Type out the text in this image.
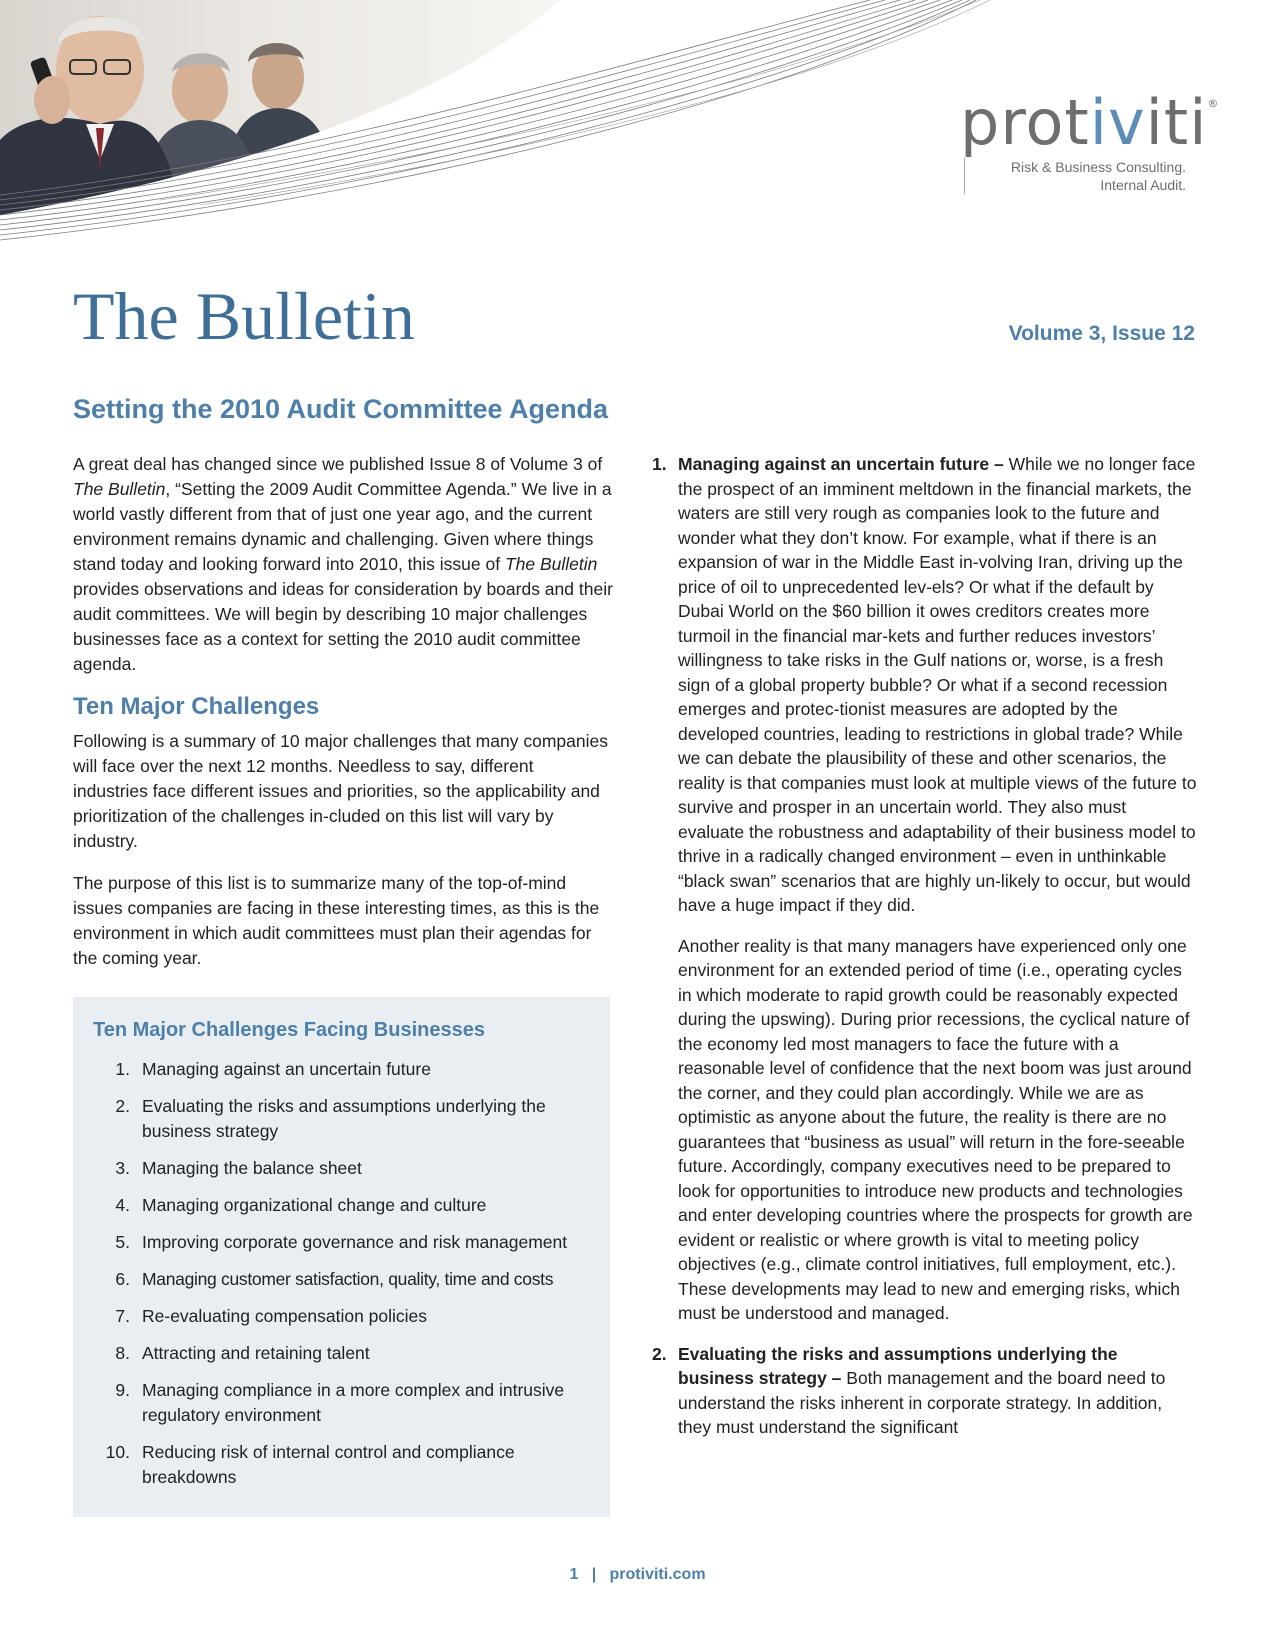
protiviti®
Risk & Business Consulting.
Internal Audit.
The Bulletin	Volume 3, Issue 12
Setting the 2010 Audit Committee Agenda

A great deal has changed since we published Issue 8 of Volume 3 of The Bulletin, “Setting the 2009 Audit Committee Agenda.” We live in a world vastly different from that of just one year ago, and the current environment remains dynamic and challenging. Given where things stand today and looking forward into 2010, this issue of The Bulletin provides observations and ideas for consideration by boards and their audit committees. We will begin by describing 10 major challenges businesses face as a context for setting the 2010 audit committee agenda.

Ten Major Challenges

Following is a summary of 10 major challenges that many companies will face over the next 12 months. Needless to say, different industries face different issues and priorities, so the applicability and prioritization of the challenges in-cluded on this list will vary by industry.

The purpose of this list is to summarize many of the top-of-mind issues companies are facing in these interesting times, as this is the environment in which audit committees must plan their agendas for the coming year.

Ten Major Challenges Facing Businesses
1. Managing against an uncertain future
2. Evaluating the risks and assumptions underlying the business strategy
3. Managing the balance sheet
4. Managing organizational change and culture
5. Improving corporate governance and risk management
6. Managing customer satisfaction, quality, time and costs
7. Re-evaluating compensation policies
8. Attracting and retaining talent
9. Managing compliance in a more complex and intrusive regulatory environment
10. Reducing risk of internal control and compliance breakdowns
1. Managing against an uncertain future – While we no longer face the prospect of an imminent meltdown in the financial markets, the waters are still very rough as companies look to the future and wonder what they don’t know. For example, what if there is an expansion of war in the Middle East in-volving Iran, driving up the price of oil to unprecedented lev-els? Or what if the default by Dubai World on the $60 billion it owes creditors creates more turmoil in the financial mar-kets and further reduces investors’ willingness to take risks in the Gulf nations or, worse, is a fresh sign of a global property bubble? Or what if a second recession emerges and protec-tionist measures are adopted by the developed countries, leading to restrictions in global trade? While we can debate the plausibility of these and other scenarios, the reality is that companies must look at multiple views of the future to survive and prosper in an uncertain world. They also must evaluate the robustness and adaptability of their business model to thrive in a radically changed environment – even in unthinkable “black swan” scenarios that are highly un-likely to occur, but would have a huge impact if they did.

Another reality is that many managers have experienced only one environment for an extended period of time (i.e., operating cycles in which moderate to rapid growth could be reasonably expected during the upswing). During prior recessions, the cyclical nature of the economy led most managers to face the future with a reasonable level of confidence that the next boom was just around the corner, and they could plan accordingly. While we are as optimistic as anyone about the future, the reality is there are no guarantees that “business as usual” will return in the fore-seeable future. Accordingly, company executives need to be prepared to look for opportunities to introduce new products and technologies and enter developing countries where the prospects for growth are evident or realistic or where growth is vital to meeting policy objectives (e.g., climate control initiatives, full employment, etc.). These developments may lead to new and emerging risks, which must be understood and managed.

2. Evaluating the risks and assumptions underlying the business strategy – Both management and the board need to understand the risks inherent in corporate strategy. In addition, they must understand the significant
1 | protiviti.com
